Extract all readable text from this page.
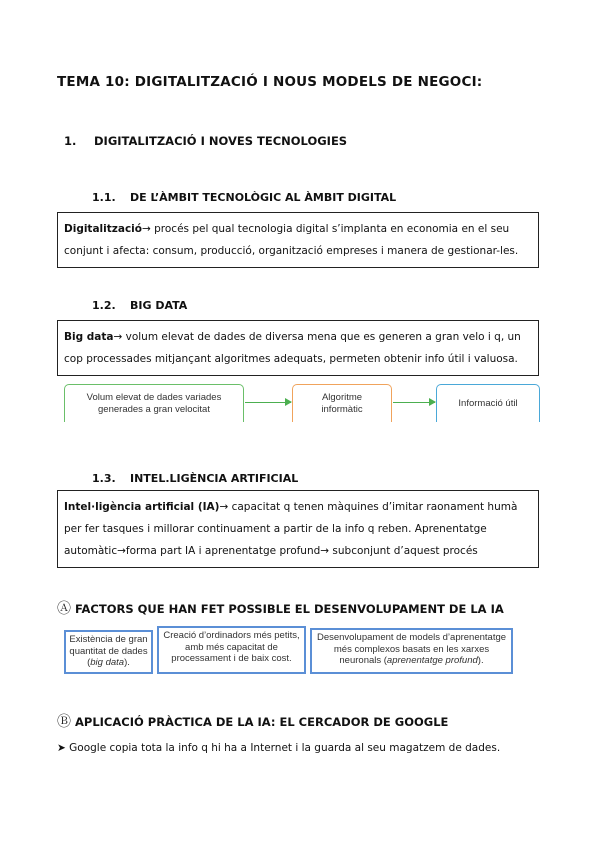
TEMA 10: DIGITALITZACIÓ I NOUS MODELS DE NEGOCI:
1. DIGITALITZACIÓ I NOVES TECNOLOGIES
1.1. DE L’ÀMBIT TECNOLÒGIC AL ÀMBIT DIGITAL
Digitalització→ procés pel qual tecnologia digital s’implanta en economia en el seu conjunt i afecta: consum, producció, organització empreses i manera de gestionar-les.
1.2. BIG DATA
Big data→ volum elevat de dades de diversa mena que es generen a gran velo i q, un cop processades mitjançant algoritmes adequats, permeten obtenir info útil i valuosa.
Volum elevat de dades variades generades a gran velocitat
Algoritme informàtic
Informació útil
1.3. INTEL.LIGÈNCIA ARTIFICIAL
Intel·ligència artificial (IA)→ capacitat q tenen màquines d’imitar raonament humà per fer tasques i millorar continuament a partir de la info q reben. Aprenentatge automàtic→forma part IA i aprenentatge profund→ subconjunt d’aquest procés
Ⓐ FACTORS QUE HAN FET POSSIBLE EL DESENVOLUPAMENT DE LA IA
Existència de gran quantitat de dades (big data).
Creació d’ordinadors més petits, amb més capacitat de processament i de baix cost.
Desenvolupament de models d’aprenentatge més complexos basats en les xarxes neuronals (aprenentatge profund).
Ⓑ APLICACIÓ PRÀCTICA DE LA IA: EL CERCADOR DE GOOGLE
➤ Google copia tota la info q hi ha a Internet i la guarda al seu magatzem de dades.
